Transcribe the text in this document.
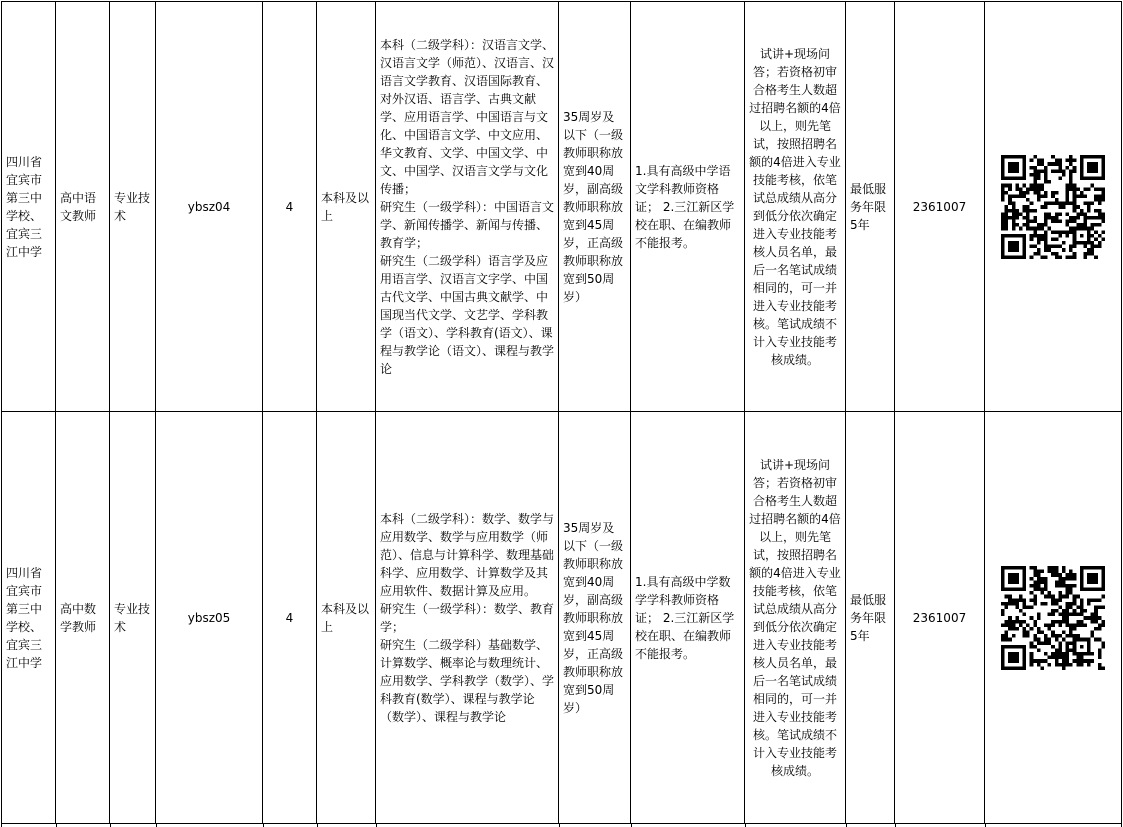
四川省宜宾市第三中学校、宜宾三江中学	高中语文教师	专业技术	ybsz04	4	本科及以上	本科（二级学科）：汉语言文学、汉语言文学（师范）、汉语言、汉语言文学教育、汉语国际教育、对外汉语、语言学、古典文献学、应用语言学、中国语言与文化、中国语言文学、中文应用、华文教育、文学、中国文学、中文、中国学、汉语言文学与文化传播；
研究生（一级学科）：中国语言文学、新闻传播学、新闻与传播、教育学；
研究生（二级学科）语言学及应用语言学、汉语言文字学、中国古代文学、中国古典文献学、中国现当代文学、文艺学、学科教学（语文）、学科教育(语文）、课程与教学论（语文）、课程与教学论	35周岁及以下（一级教师职称放宽到40周岁，副高级教师职称放宽到45周岁，正高级教师职称放宽到50周岁）	1.具有高级中学语文学科教师资格证； 2.三江新区学校在职、在编教师不能报考。	试讲+现场问答；若资格初审合格考生人数超过招聘名额的4倍以上，则先笔试，按照招聘名额的4倍进入专业技能考核，依笔试总成绩从高分到低分依次确定进入专业技能考核人员名单，最后一名笔试成绩相同的，可一并进入专业技能考核。笔试成绩不计入专业技能考核成绩。	最低服务年限5年	2361007	

四川省宜宾市第三中学校、宜宾三江中学	高中数学教师	专业技术	ybsz05	4	本科及以上	本科（二级学科）：数学、数学与应用数学、数学与应用数学（师范）、信息与计算科学、数理基础科学、应用数学、计算数学及其应用软件、数据计算及应用。
研究生（一级学科）：数学、教育学；
研究生（二级学科）基础数学、计算数学、概率论与数理统计、应用数学、学科教学（数学）、学科教育(数学）、课程与教学论（数学）、课程与教学论	35周岁及以下（一级教师职称放宽到40周岁，副高级教师职称放宽到45周岁，正高级教师职称放宽到50周岁）	1.具有高级中学数学学科教师资格证； 2.三江新区学校在职、在编教师不能报考。	试讲+现场问答；若资格初审合格考生人数超过招聘名额的4倍以上，则先笔试，按照招聘名额的4倍进入专业技能考核，依笔试总成绩从高分到低分依次确定进入专业技能考核人员名单，最后一名笔试成绩相同的，可一并进入专业技能考核。笔试成绩不计入专业技能考核成绩。	最低服务年限5年	2361007	
